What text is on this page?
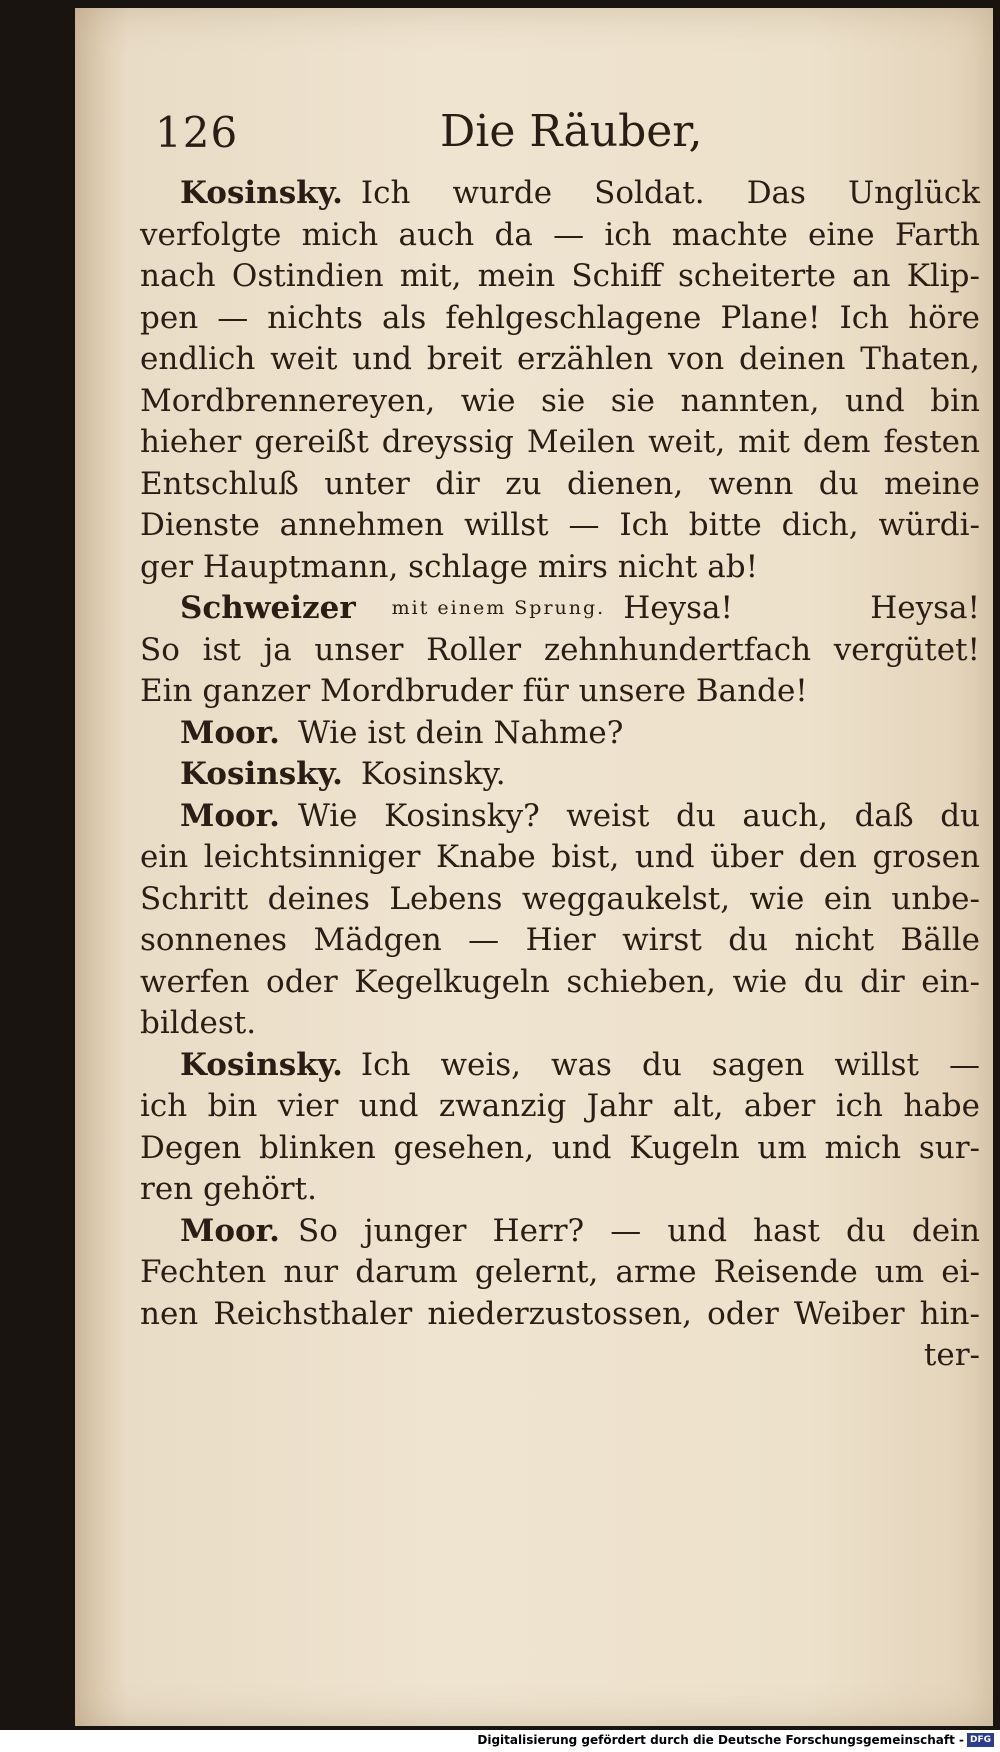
126	Die Räuber,
Kosinsky. Ich wurde Soldat. Das Unglück
verfolgte mich auch da — ich machte eine Farth
nach Ostindien mit, mein Schiff scheiterte an Klip-
pen — nichts als fehlgeschlagene Plane! Ich höre
endlich weit und breit erzählen von deinen Thaten,
Mordbrennereyen, wie sie sie nannten, und bin
hieher gereißt dreyssig Meilen weit, mit dem festen
Entschluß unter dir zu dienen, wenn du meine
Dienste annehmen willst — Ich bitte dich, würdi-
ger Hauptmann, schlage mirs nicht ab!
Schweizer mit einem Sprung. Heysa! Heysa!
So ist ja unser Roller zehnhundertfach vergütet!
Ein ganzer Mordbruder für unsere Bande!
Moor. Wie ist dein Nahme?
Kosinsky. Kosinsky.
Moor. Wie Kosinsky? weist du auch, daß du
ein leichtsinniger Knabe bist, und über den grosen
Schritt deines Lebens weggaukelst, wie ein unbe-
sonnenes Mädgen — Hier wirst du nicht Bälle
werfen oder Kegelkugeln schieben, wie du dir ein-
bildest.
Kosinsky. Ich weis, was du sagen willst —
ich bin vier und zwanzig Jahr alt, aber ich habe
Degen blinken gesehen, und Kugeln um mich sur-
ren gehört.
Moor. So junger Herr? — und hast du dein
Fechten nur darum gelernt, arme Reisende um ei-
nen Reichsthaler niederzustossen, oder Weiber hin-
ter-
Digitalisierung gefördert durch die Deutsche Forschungsgemeinschaft - DFG
